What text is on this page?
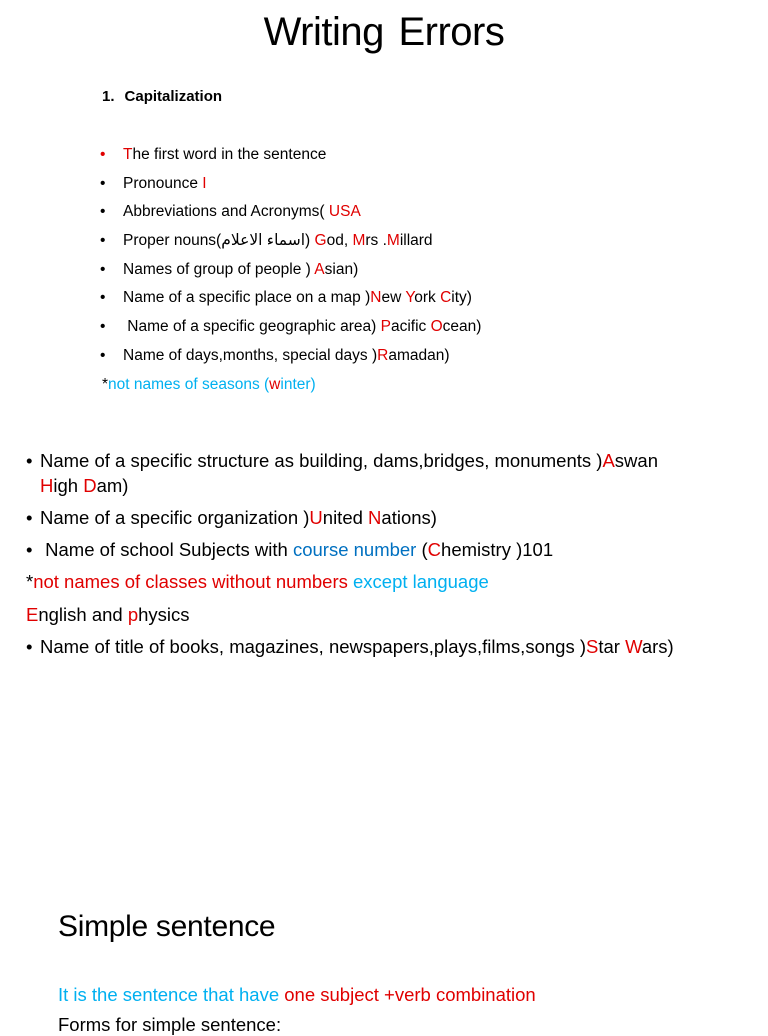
Writing Errors
1. Capitalization
• The first word in the sentence
• Pronounce I
• Abbreviations and Acronyms( USA
• Proper nouns(اسماء الاعلام) God, Mrs .Millard
• Names of group of people ) Asian)
• Name of a specific place on a map )New York City)
• Name of a specific geographic area) Pacific Ocean)
• Name of days,months, special days )Ramadan)
*not names of seasons (winter)
• Name of a specific structure as building, dams,bridges, monuments )Aswan
High Dam)
• Name of a specific organization )United Nations)
• Name of school Subjects with course number (Chemistry )101
*not names of classes without numbers except language
English and physics
• Name of title of books, magazines, newspapers,plays,films,songs )Star Wars)
Simple sentence
It is the sentence that have one subject +verb combination
Forms for simple sentence:
